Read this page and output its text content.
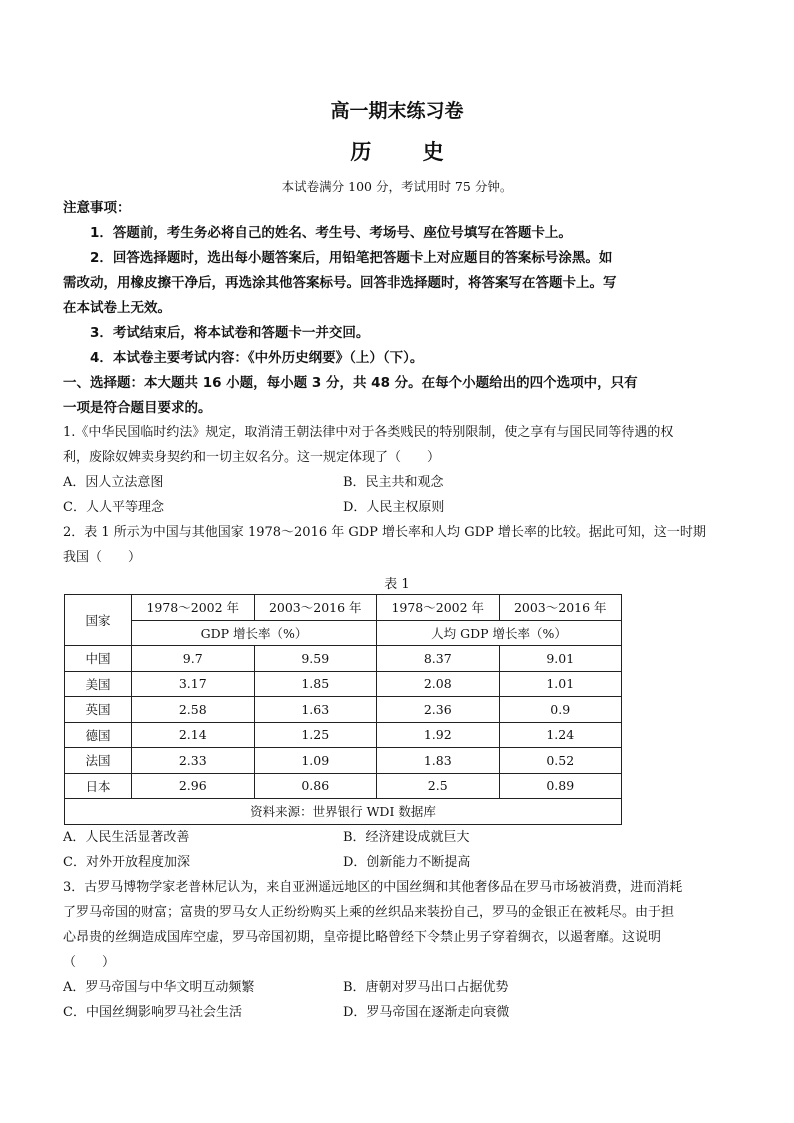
高一期末练习卷
历 史
本试卷满分 100 分，考试用时 75 分钟。
注意事项：
1．答题前，考生务必将自己的姓名、考生号、考场号、座位号填写在答题卡上。
2．回答选择题时，选出每小题答案后，用铅笔把答题卡上对应题目的答案标号涂黑。如
需改动，用橡皮擦干净后，再选涂其他答案标号。回答非选择题时，将答案写在答题卡上。写
在本试卷上无效。
3．考试结束后，将本试卷和答题卡一并交回。
4．本试卷主要考试内容：《中外历史纲要》（上）（下）。
一、选择题：本大题共 16 小题，每小题 3 分，共 48 分。在每个小题给出的四个选项中，只有
一项是符合题目要求的。
1.《中华民国临时约法》规定，取消清王朝法律中对于各类贱民的特别限制，使之享有与国民同等待遇的权
利，废除奴婢卖身契约和一切主奴名分。这一规定体现了（　　）
A．因人立法意图	B．民主共和观念
C．人人平等理念	D．人民主权原则
2．表 1 所示为中国与其他国家 1978～2016 年 GDP 增长率和人均 GDP 增长率的比较。据此可知，这一时期
我国（　　）
表 1
国家	1978～2002 年	2003～2016 年	1978～2002 年	2003～2016 年
	GDP 增长率（%）		人均 GDP 增长率（%）	
中国	9.7	9.59	8.37	9.01
美国	3.17	1.85	2.08	1.01
英国	2.58	1.63	2.36	0.9
德国	2.14	1.25	1.92	1.24
法国	2.33	1.09	1.83	0.52
日本	2.96	0.86	2.5	0.89
资料来源：世界银行 WDI 数据库				
A．人民生活显著改善	B．经济建设成就巨大
C．对外开放程度加深	D．创新能力不断提高
3．古罗马博物学家老普林尼认为，来自亚洲遥远地区的中国丝绸和其他奢侈品在罗马市场被消费，进而消耗
了罗马帝国的财富；富贵的罗马女人正纷纷购买上乘的丝织品来装扮自己，罗马的金银正在被耗尽。由于担
心昂贵的丝绸造成国库空虚，罗马帝国初期，皇帝提比略曾经下令禁止男子穿着绸衣，以遏奢靡。这说明
（　　）
A．罗马帝国与中华文明互动频繁	B．唐朝对罗马出口占据优势
C．中国丝绸影响罗马社会生活	D．罗马帝国在逐渐走向衰微
